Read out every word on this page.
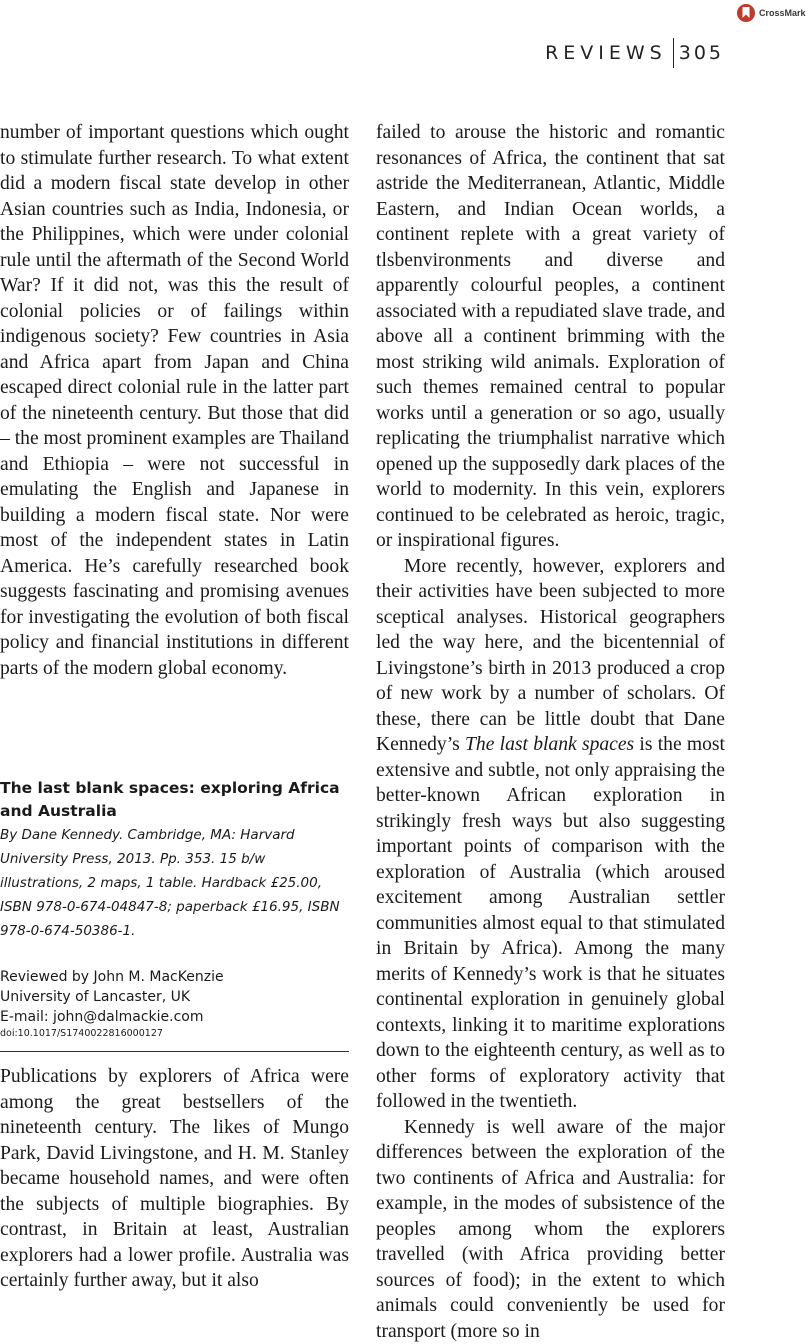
CrossMark
REVIEWS 305

number of important questions which ought to stimulate further research. To what extent did a modern fiscal state develop in other Asian countries such as India, Indonesia, or the Philippines, which were under colonial rule until the aftermath of the Second World War? If it did not, was this the result of colonial policies or of failings within indigenous society? Few countries in Asia and Africa apart from Japan and China escaped direct colonial rule in the latter part of the nineteenth century. But those that did – the most prominent examples are Thailand and Ethiopia – were not successful in emulating the English and Japanese in building a modern fiscal state. Nor were most of the independent states in Latin America. He’s carefully researched book suggests fascinating and promising avenues for investigating the evolution of both fiscal policy and financial institutions in different parts of the modern global economy.

The last blank spaces: exploring Africa and Australia

By Dane Kennedy. Cambridge, MA: Harvard University Press, 2013. Pp. 353. 15 b/w illustrations, 2 maps, 1 table. Hardback £25.00, ISBN 978-0-674-04847-8; paperback £16.95, ISBN 978-0-674-50386-1.

Reviewed by John M. MacKenzie
University of Lancaster, UK
E-mail: john@dalmackie.com

doi:10.1017/S1740022816000127

Publications by explorers of Africa were among the great bestsellers of the nineteenth century. The likes of Mungo Park, David Livingstone, and H. M. Stanley became household names, and were often the subjects of multiple biographies. By contrast, in Britain at least, Australian explorers had a lower profile. Australia was certainly further away, but it also

failed to arouse the historic and romantic resonances of Africa, the continent that sat astride the Mediterranean, Atlantic, Middle Eastern, and Indian Ocean worlds, a continent replete with a great variety of tlsbenvironments and diverse and apparently colourful peoples, a continent associated with a repudiated slave trade, and above all a continent brimming with the most striking wild animals. Exploration of such themes remained central to popular works until a generation or so ago, usually replicating the triumphalist narrative which opened up the supposedly dark places of the world to modernity. In this vein, explorers continued to be celebrated as heroic, tragic, or inspirational figures.

More recently, however, explorers and their activities have been subjected to more sceptical analyses. Historical geographers led the way here, and the bicentennial of Livingstone’s birth in 2013 produced a crop of new work by a number of scholars. Of these, there can be little doubt that Dane Kennedy’s The last blank spaces is the most extensive and subtle, not only appraising the better-known African exploration in strikingly fresh ways but also suggesting important points of comparison with the exploration of Australia (which aroused excitement among Australian settler communities almost equal to that stimulated in Britain by Africa). Among the many merits of Kennedy’s work is that he situates continental exploration in genuinely global contexts, linking it to maritime explorations down to the eighteenth century, as well as to other forms of exploratory activity that followed in the twentieth.

Kennedy is well aware of the major differences between the exploration of the two continents of Africa and Australia: for example, in the modes of subsistence of the peoples among whom the explorers travelled (with Africa providing better sources of food); in the extent to which animals could conveniently be used for transport (more so in
